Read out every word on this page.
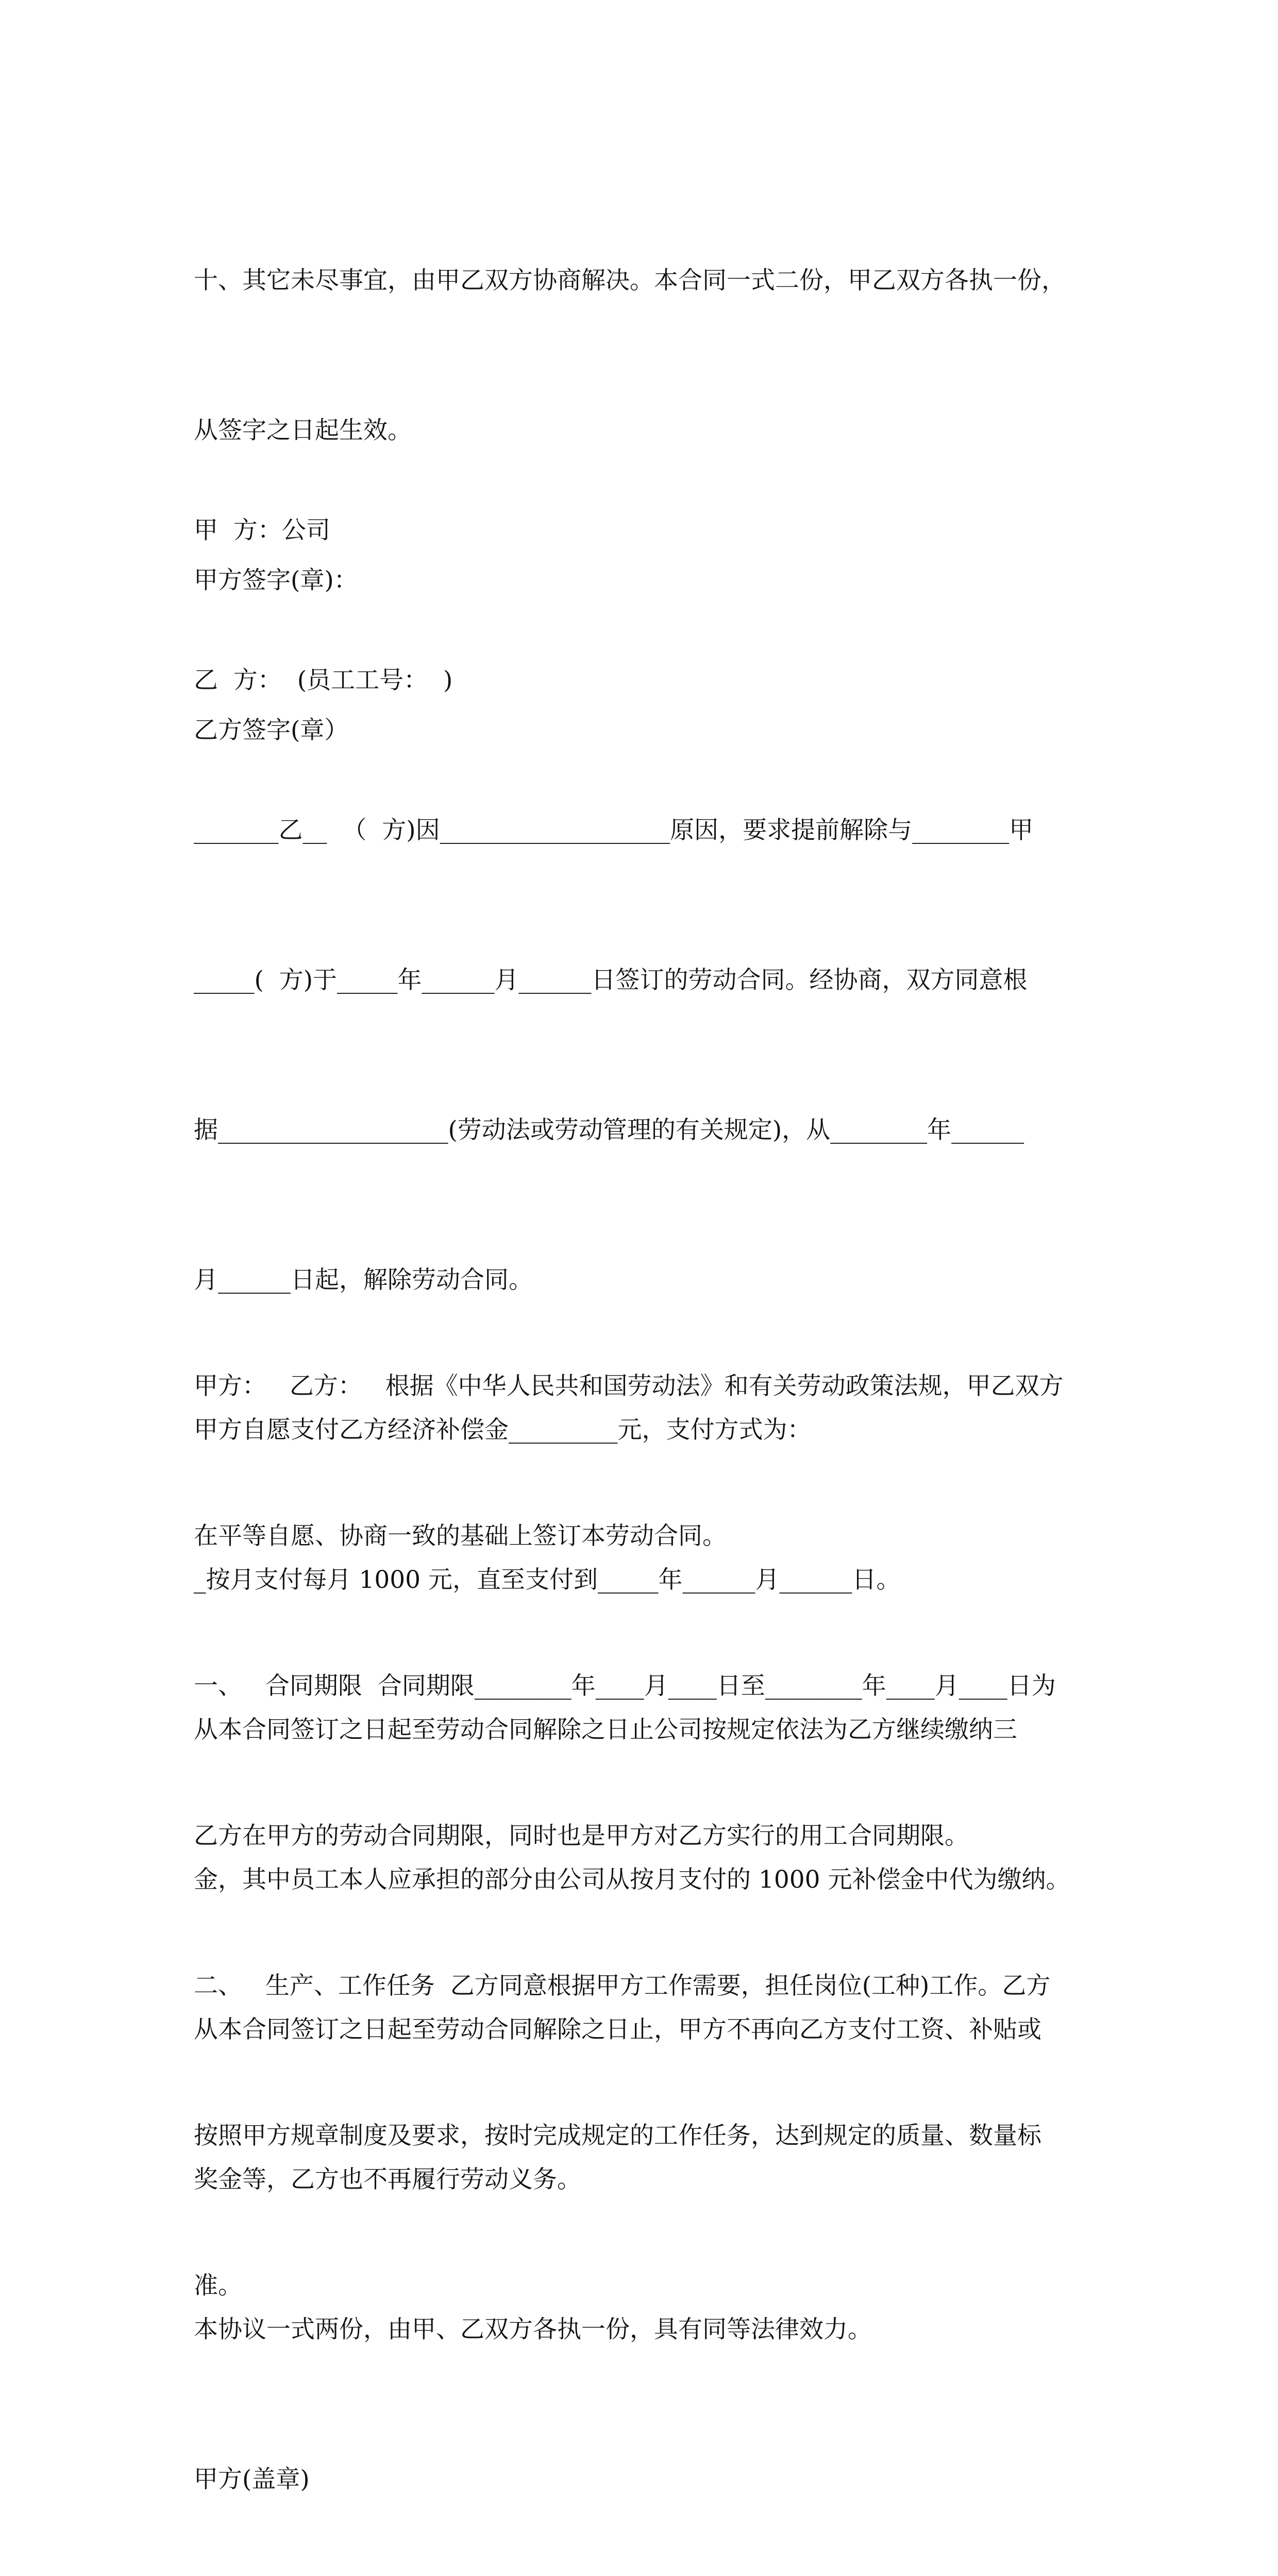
十、其它未尽事宜，由甲乙双方协商解决。本合同一式二份，甲乙双方各执一份，

从签字之日起生效。

甲方签字(章)：

乙方签字(章）

甲  方：公司

乙  方：  (员工工号：  )

_______乙__  （  方)因___________________原因，要求提前解除与________甲

_____(  方)于_____年______月______日签订的劳动合同。经协商，双方同意根

据___________________(劳动法或劳动管理的有关规定)，从________年______

月______日起，解除劳动合同。

甲方自愿支付乙方经济补偿金_________元，支付方式为：

_按月支付每月 1000 元，直至支付到_____年______月______日。

从本合同签订之日起至劳动合同解除之日止公司按规定依法为乙方继续缴纳三

金，其中员工本人应承担的部分由公司从按月支付的 1000 元补偿金中代为缴纳。

从本合同签订之日起至劳动合同解除之日止，甲方不再向乙方支付工资、补贴或

奖金等，乙方也不再履行劳动义务。

本协议一式两份，由甲、乙双方各执一份，具有同等法律效力。

甲方(盖章)

甲方：   乙方：   根据《中华人民共和国劳动法》和有关劳动政策法规，甲乙双方

在平等自愿、协商一致的基础上签订本劳动合同。

一、   合同期限  合同期限________年____月____日至________年____月____日为

乙方在甲方的劳动合同期限，同时也是甲方对乙方实行的用工合同期限。

二、   生产、工作任务  乙方同意根据甲方工作需要，担任岗位(工种)工作。乙方

按照甲方规章制度及要求，按时完成规定的工作任务，达到规定的质量、数量标

准。
